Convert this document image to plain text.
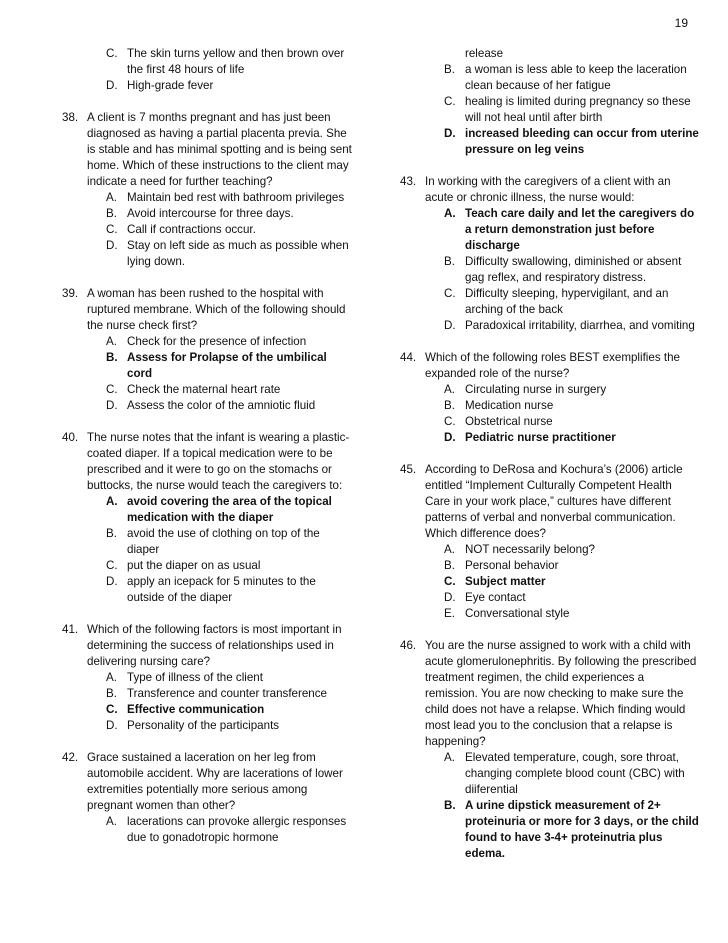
19
C. The skin turns yellow and then brown over the first 48 hours of life
D. High-grade fever
38. A client is 7 months pregnant and has just been diagnosed as having a partial placenta previa. She is stable and has minimal spotting and is being sent home. Which of these instructions to the client may indicate a need for further teaching?
A. Maintain bed rest with bathroom privileges
B. Avoid intercourse for three days.
C. Call if contractions occur.
D. Stay on left side as much as possible when lying down.
39. A woman has been rushed to the hospital with ruptured membrane. Which of the following should the nurse check first?
A. Check for the presence of infection
B. Assess for Prolapse of the umbilical cord
C. Check the maternal heart rate
D. Assess the color of the amniotic fluid
40. The nurse notes that the infant is wearing a plastic-coated diaper. If a topical medication were to be prescribed and it were to go on the stomachs or buttocks, the nurse would teach the caregivers to:
A. avoid covering the area of the topical medication with the diaper
B. avoid the use of clothing on top of the diaper
C. put the diaper on as usual
D. apply an icepack for 5 minutes to the outside of the diaper
41. Which of the following factors is most important in determining the success of relationships used in delivering nursing care?
A. Type of illness of the client
B. Transference and counter transference
C. Effective communication
D. Personality of the participants
42. Grace sustained a laceration on her leg from automobile accident. Why are lacerations of lower extremities potentially more serious among pregnant women than other?
A. lacerations can provoke allergic responses due to gonadotropic hormone
release
B. a woman is less able to keep the laceration clean because of her fatigue
C. healing is limited during pregnancy so these will not heal until after birth
D. increased bleeding can occur from uterine pressure on leg veins
43. In working with the caregivers of a client with an acute or chronic illness, the nurse would:
A. Teach care daily and let the caregivers do a return demonstration just before discharge
B. Difficulty swallowing, diminished or absent gag reflex, and respiratory distress.
C. Difficulty sleeping, hypervigilant, and an arching of the back
D. Paradoxical irritability, diarrhea, and vomiting
44. Which of the following roles BEST exemplifies the expanded role of the nurse?
A. Circulating nurse in surgery
B. Medication nurse
C. Obstetrical nurse
D. Pediatric nurse practitioner
45. According to DeRosa and Kochura’s (2006) article entitled “Implement Culturally Competent Health Care in your work place,” cultures have different patterns of verbal and nonverbal communication. Which difference does?
A. NOT necessarily belong?
B. Personal behavior
C. Subject matter
D. Eye contact
E. Conversational style
46. You are the nurse assigned to work with a child with acute glomerulonephritis. By following the prescribed treatment regimen, the child experiences a remission. You are now checking to make sure the child does not have a relapse. Which finding would most lead you to the conclusion that a relapse is happening?
A. Elevated temperature, cough, sore throat, changing complete blood count (CBC) with diiferential
B. A urine dipstick measurement of 2+ proteinuria or more for 3 days, or the child found to have 3-4+ proteinutria plus edema.
